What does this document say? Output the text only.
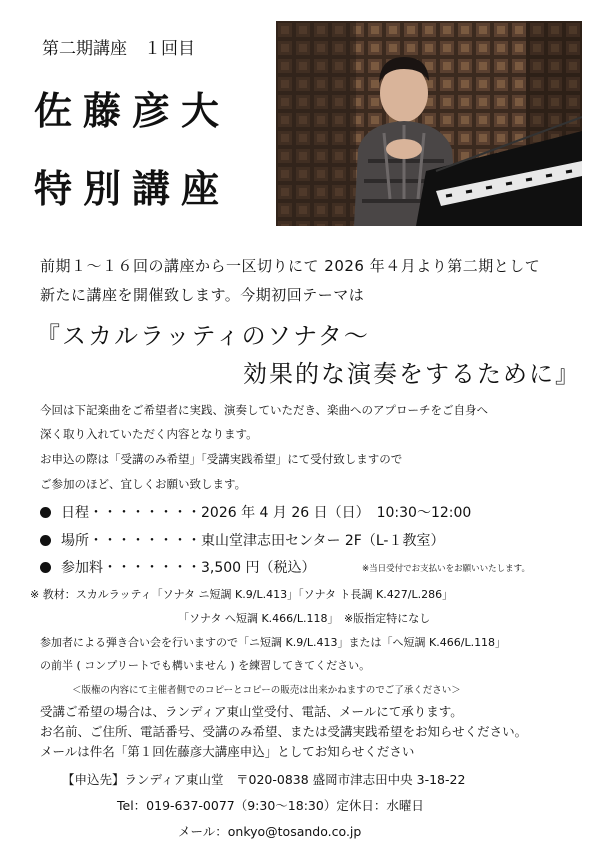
第二期講座　１回目
佐藤彦大
特別講座
前期１～１６回の講座から一区切りにて 2026 年４月より第二期として
新たに講座を開催致します。今期初回テーマは
『スカルラッティのソナタ～
効果的な演奏をするために』
今回は下記楽曲をご希望者に実践、演奏していただき、楽曲へのアプローチをご自身へ
深く取り入れていただく内容となります。
お申込の際は「受講のみ希望」「受講実践希望」にて受付致しますので
ご参加のほど、宜しくお願い致します。
日程・・・・・・・・2026 年 4 月 26 日（日）　10:30～12:00
場所・・・・・・・・東山堂津志田センター 2F（L-１教室）
参加料・・・・・・・3,500 円（税込）	※当日受付でお支払いをお願いいたします。
※ 教材：スカルラッティ「ソナタ ニ短調 K.9/L.413」「ソナタ ト長調 K.427/L.286」
「ソナタ へ短調 K.466/L.118」　※版指定特になし
参加者による弾き合い会を行いますので「ニ短調 K.9/L.413」または「へ短調 K.466/L.118」
の前半 ( コンプリートでも構いません ) を練習してきてください。
＜版権の内容にて主催者側でのコピーとコピーの販売は出来かねますのでご了承ください＞
受講ご希望の場合は、ランディア東山堂受付、電話、メールにて承ります。
お名前、ご住所、電話番号、受講のみ希望、または受講実践希望をお知らせください。
メールは件名「第１回佐藤彦大講座申込」としてお知らせください
【申込先】ランディア東山堂　〒020-0838 盛岡市津志田中央 3-18-22
Tel：019-637-0077（9:30～18:30）定休日：水曜日
メール：onkyo@tosando.co.jp
